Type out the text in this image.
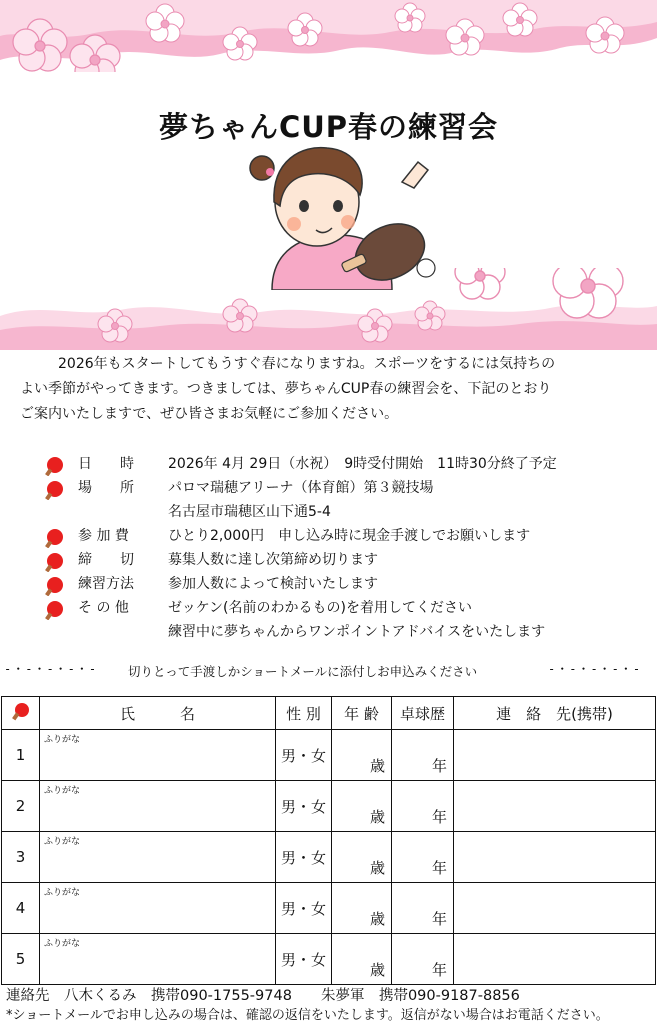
夢ちゃんCUP春の練習会

2026年もスタートしてもうすぐ春になりますね。スポーツをするには気持ちの

よい季節がやってきます。つきましては、夢ちゃんCUP春の練習会を、下記のとおり

ご案内いたしますで、ぜひ皆さまお気軽にご参加ください。

日　　時	2026年 4月 29日（水祝）　9時受付開始　11時30分終了予定
場　　所	パロマ瑞穂アリーナ（体育館）第３競技場
名古屋市瑞穂区山下通5-4
参 加 費	ひとり2,000円　申し込み時に現金手渡しでお願いします
締　　切	募集人数に達し次第締め切ります
練習方法	参加人数によって検討いたします
そ の 他	ゼッケン(名前のわかるもの)を着用してください
練習中に夢ちゃんからワンポイントアドバイスをいたします
-・-・-・-・- 切りとって手渡しかショートメールに添付しお申込みください	-・-・-・-・-
	氏　　　名	性 別	年 齢	卓球歴	連　絡　先(携帯)
1	ふりがな	男・女	歳	年	
2	ふりがな	男・女	歳	年	
3	ふりがな	男・女	歳	年	
4	ふりがな	男・女	歳	年	
5	ふりがな	男・女	歳	年	
連絡先　八木くるみ　携帯090-1755-9748　　朱夢軍　携帯090-9187-8856
*ショートメールでお申し込みの場合は、確認の返信をいたします。返信がない場合はお電話ください。
